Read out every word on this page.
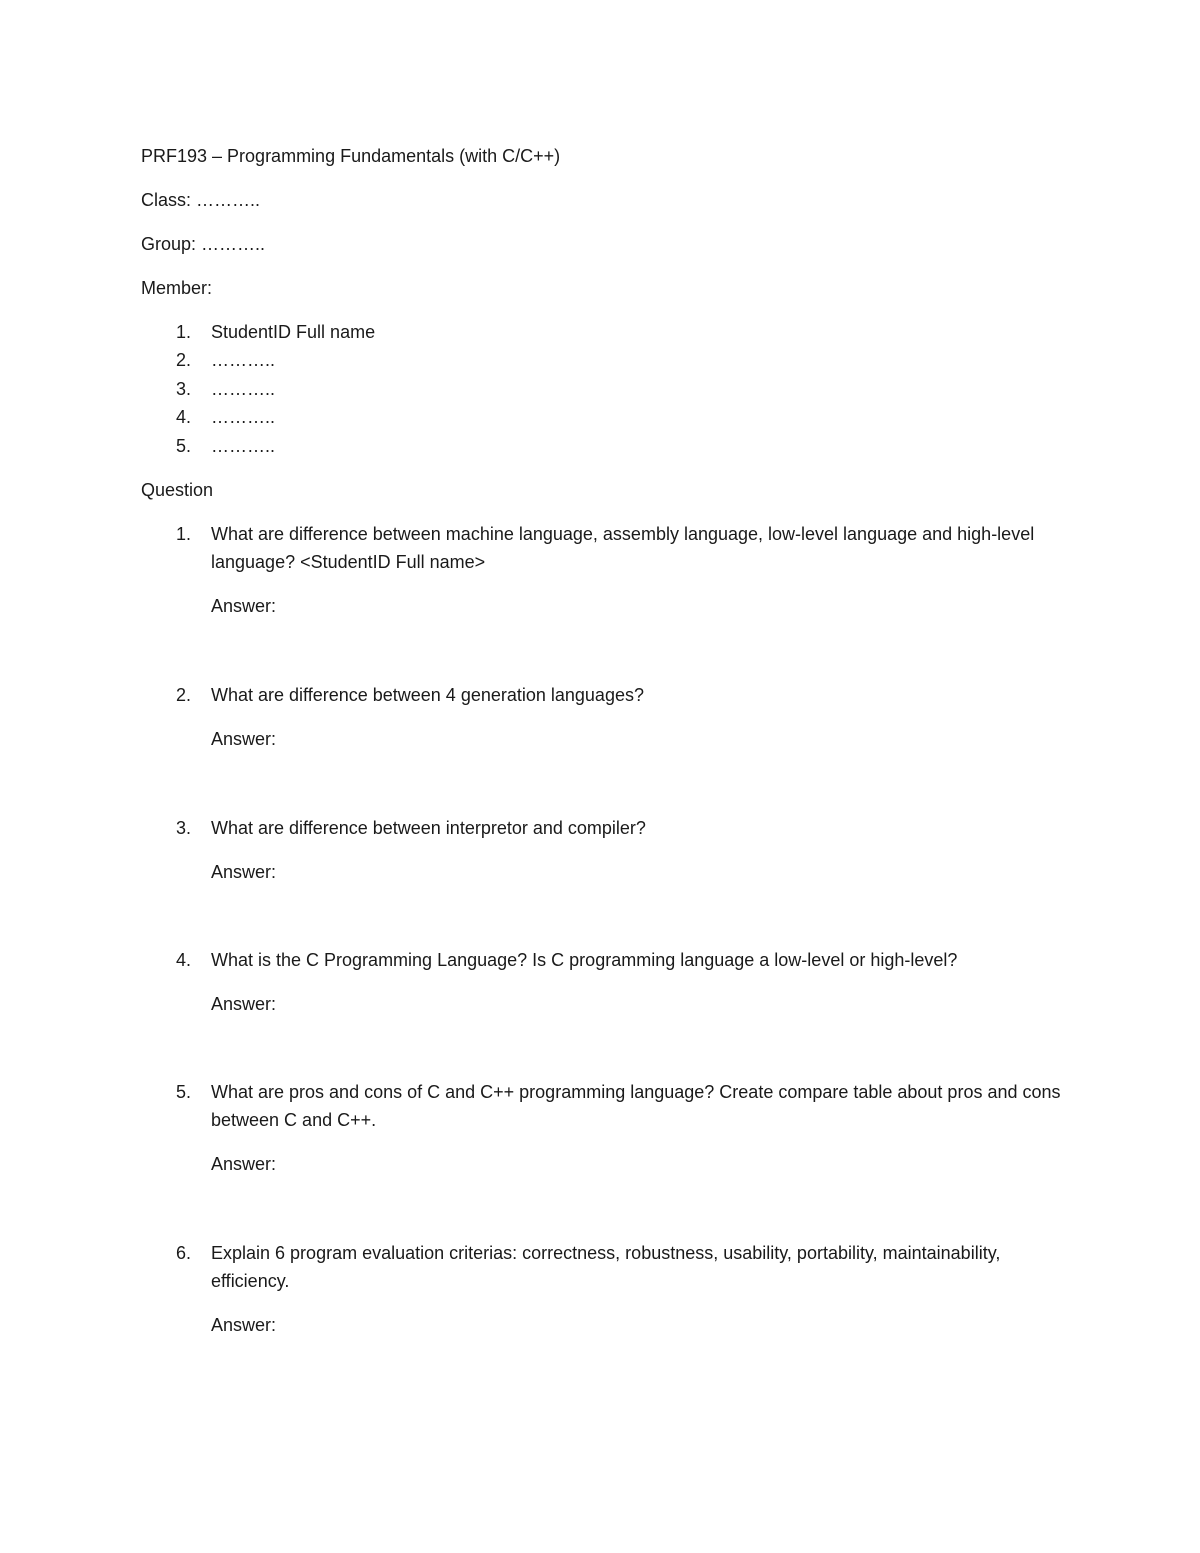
PRF193 – Programming Fundamentals (with C/C++)
Class: ………..
Group: ………..
Member:
1. StudentID Full name
2. ………..
3. ………..
4. ………..
5. ………..
Question
1. What are difference between machine language, assembly language, low-level language and high-level language? <StudentID Full name>
Answer:
2. What are difference between 4 generation languages?
Answer:
3. What are difference between interpretor and compiler?
Answer:
4. What is the C Programming Language? Is C programming language a low-level or high-level?
Answer:
5. What are pros and cons of C and C++ programming language? Create compare table about pros and cons between C and C++.
Answer:
6. Explain 6 program evaluation criterias: correctness, robustness, usability, portability, maintainability, efficiency.
Answer:
